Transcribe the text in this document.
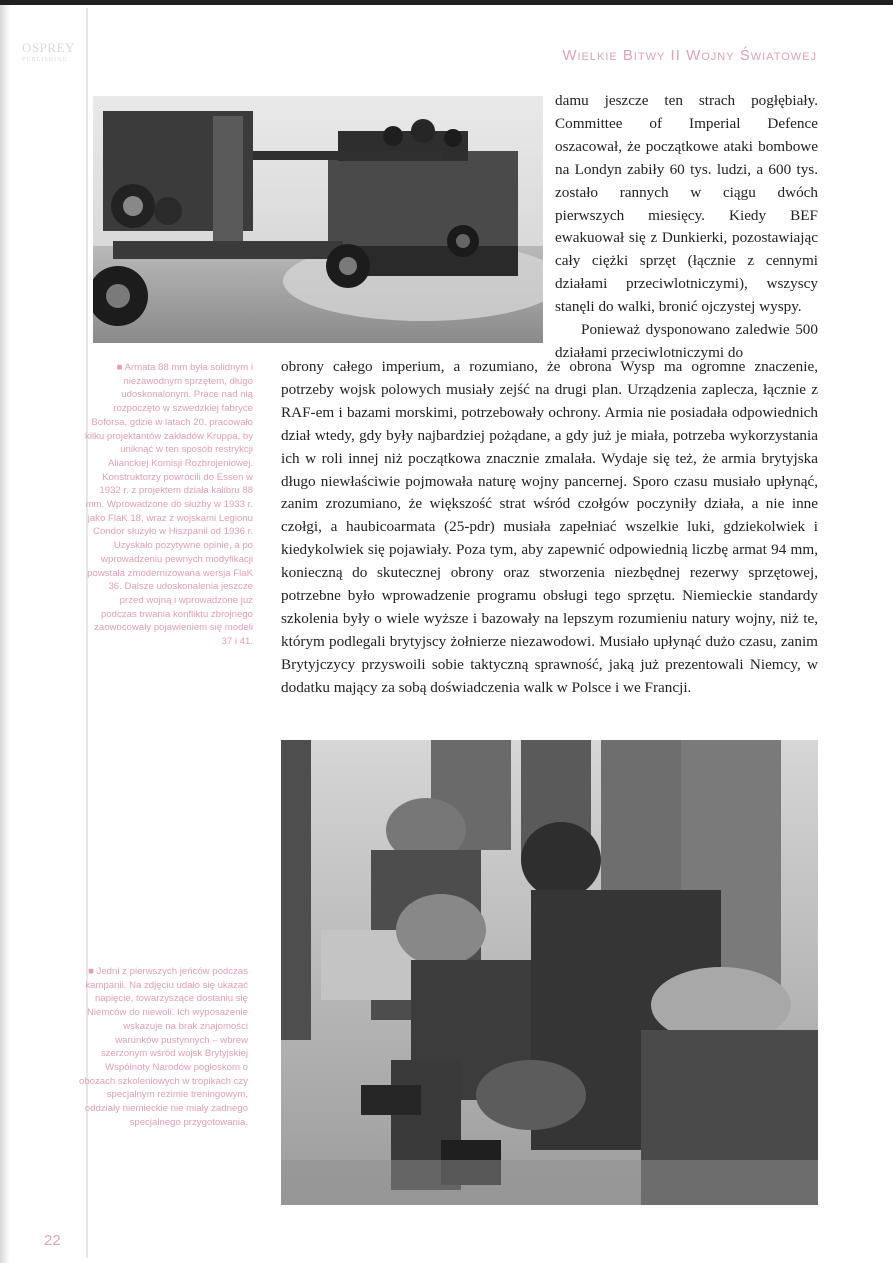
OSPREY
PUBLISHING	Wielkie Bitwy II Wojny Światowej

damu jeszcze ten strach pogłębiały. Committee of Imperial Defence oszacował, że początkowe ataki bombowe na Londyn zabiły 60 tys. ludzi, a 600 tys. zostało rannych w ciągu dwóch pierwszych miesięcy. Kiedy BEF ewakuował się z Dunkierki, pozostawiając cały ciężki sprzęt (łącznie z cennymi działami przeciwlotniczymi), wszyscy stanęli do walki, bronić ojczystej wyspy.

Ponieważ dysponowano zaledwie 500 działami przeciwlotniczymi do

obrony całego imperium, a rozumiano, że obrona Wysp ma ogromne znaczenie, potrzeby wojsk polowych musiały zejść na drugi plan. Urządzenia zaplecza, łącznie z RAF-em i bazami morskimi, potrzebowały ochrony. Armia nie posiadała odpowiednich dział wtedy, gdy były najbardziej pożądane, a gdy już je miała, potrzeba wykorzystania ich w roli innej niż początkowa znacznie zmalała. Wydaje się też, że armia brytyjska długo niewłaściwie pojmowała naturę wojny pancernej. Sporo czasu musiało upłynąć, zanim zrozumiano, że większość strat wśród czołgów poczyniły działa, a nie inne czołgi, a haubicoarmata (25-pdr) musiała zapełniać wszelkie luki, gdziekolwiek i kiedykolwiek się pojawiały. Poza tym, aby zapewnić odpowiednią liczbę armat 94 mm, konieczną do skutecznej obrony oraz stworzenia niezbędnej rezerwy sprzętowej, potrzebne było wprowadzenie programu obsługi tego sprzętu. Niemieckie standardy szkolenia były o wiele wyższe i bazowały na lepszym rozumieniu natury wojny, niż te, którym podlegali brytyjscy żołnierze niezawodowi. Musiało upłynąć dużo czasu, zanim Brytyjczycy przyswoili sobie taktyczną sprawność, jaką już prezentowali Niemcy, w dodatku mający za sobą doświadczenia walk w Polsce i we Francji.

■ Armata 88 mm była solidnym i niezawodnym sprzętem, długo udoskonalonym. Prace nad nią rozpoczęto w szwedzkiej fabryce Boforsa, gdzie w latach 20. pracowało kilku projektantów zakładów Kruppa, by uniknąć w ten sposób restrykcji Alianckiej Komisji Rozbrojeniowej. Konstruktorzy powrócili do Essen w 1932 r. z projektem działa kalibru 88 mm. Wprowadzone do służby w 1933 r. jako FlaK 18, wraz z wojskami Legionu Condor służyło w Hiszpanii od 1936 r. Uzyskało pozytywne opinie, a po wprowadzeniu pewnych modyfikacji powstała zmodernizowana wersja FlaK 36. Dalsze udoskonalenia jeszcze przed wojną i wprowadzone już podczas trwania konfliktu zbrojnego zaowocowały pojawieniem się modeli 37 i 41.
■ Jedni z pierwszych jeńców podczas kampanii. Na zdjęciu udało się ukazać napięcie, towarzyszące dostaniu się Niemców do niewoli. Ich wyposażenie wskazuje na brak znajomości warunków pustynnych – wbrew szerzonym wśród wojsk Brytyjskiej Wspólnoty Narodów pogłoskom o obozach szkoleniowych w tropikach czy specjalnym reżimie treningowym, oddziały niemieckie nie miały żadnego specjalnego przygotowania.
22
